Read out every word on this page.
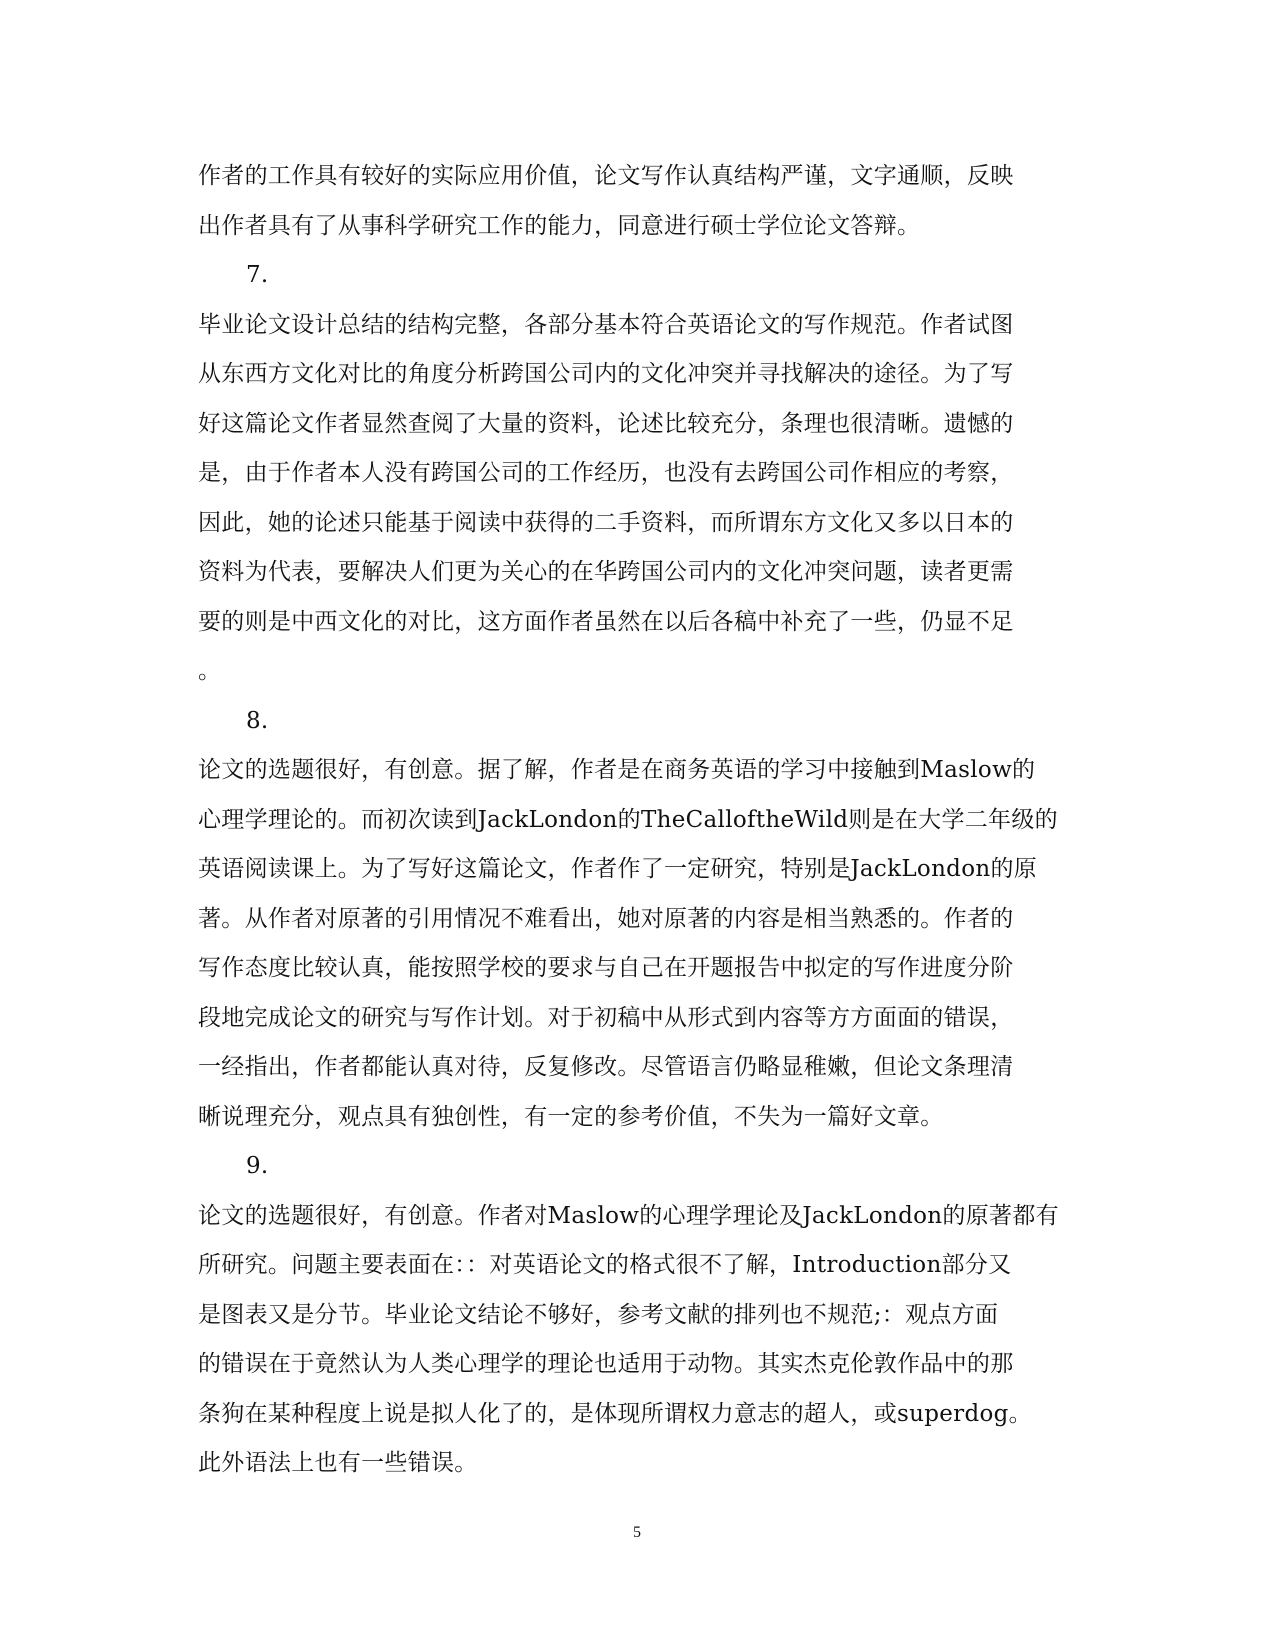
作者的工作具有较好的实际应用价值，论文写作认真结构严谨，文字通顺，反映
出作者具有了从事科学研究工作的能力，同意进行硕士学位论文答辩。
7.
毕业论文设计总结的结构完整，各部分基本符合英语论文的写作规范。作者试图
从东西方文化对比的角度分析跨国公司内的文化冲突并寻找解决的途径。为了写
好这篇论文作者显然查阅了大量的资料，论述比较充分，条理也很清晰。遗憾的
是，由于作者本人没有跨国公司的工作经历，也没有去跨国公司作相应的考察，
因此，她的论述只能基于阅读中获得的二手资料，而所谓东方文化又多以日本的
资料为代表，要解决人们更为关心的在华跨国公司内的文化冲突问题，读者更需
要的则是中西文化的对比，这方面作者虽然在以后各稿中补充了一些，仍显不足
。
8.
论文的选题很好，有创意。据了解，作者是在商务英语的学习中接触到Maslow的
心理学理论的。而初次读到JackLondon的TheCalloftheWild则是在大学二年级的
英语阅读课上。为了写好这篇论文，作者作了一定研究，特别是JackLondon的原
著。从作者对原著的引用情况不难看出，她对原著的内容是相当熟悉的。作者的
写作态度比较认真，能按照学校的要求与自己在开题报告中拟定的写作进度分阶
段地完成论文的研究与写作计划。对于初稿中从形式到内容等方方面面的错误，
一经指出，作者都能认真对待，反复修改。尽管语言仍略显稚嫩，但论文条理清
晰说理充分，观点具有独创性，有一定的参考价值，不失为一篇好文章。
9.
论文的选题很好，有创意。作者对Maslow的心理学理论及JackLondon的原著都有
所研究。问题主要表面在：：对英语论文的格式很不了解，Introduction部分又
是图表又是分节。毕业论文结论不够好，参考文献的排列也不规范;：观点方面
的错误在于竟然认为人类心理学的理论也适用于动物。其实杰克伦敦作品中的那
条狗在某种程度上说是拟人化了的，是体现所谓权力意志的超人，或superdog。
此外语法上也有一些错误。
5
